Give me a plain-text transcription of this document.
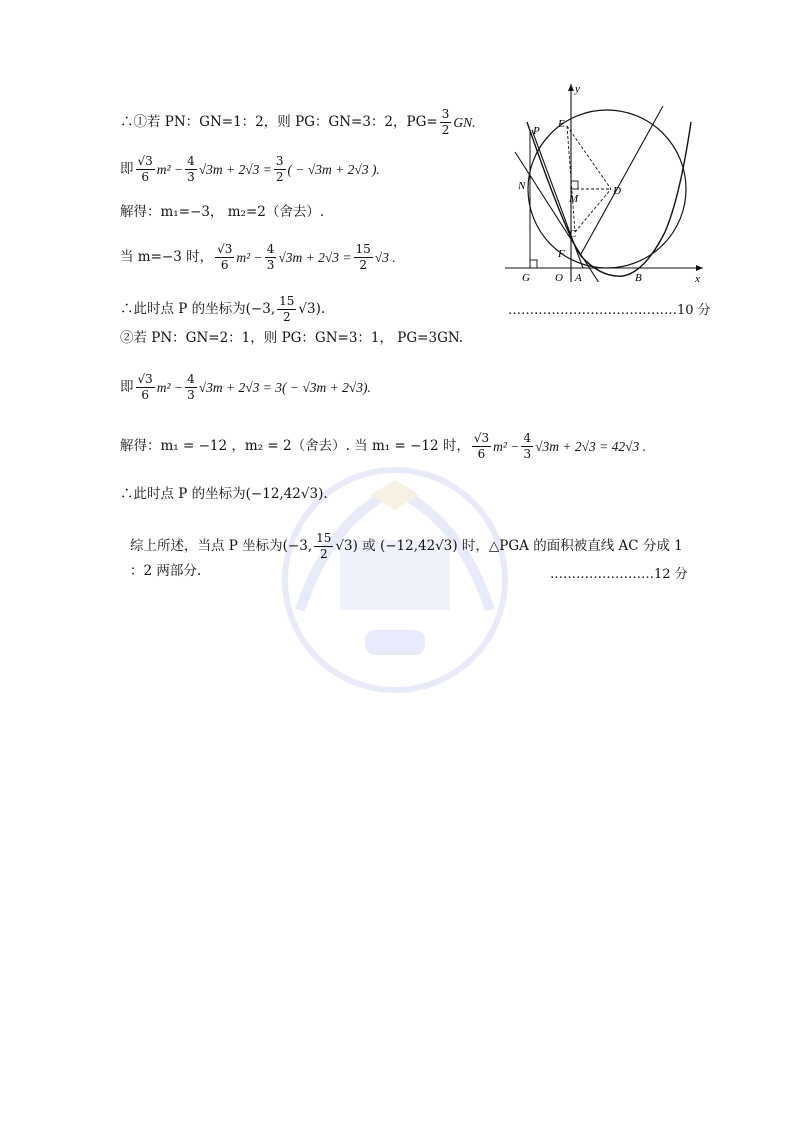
∴①若 PN：GN=1：2，则 PG：GN=3：2，$PG= \frac{3}{2}$ GN.
即 $\frac{√3}{6} m^2 - \frac{4}{3} √3m + 2√3 = \frac{3}{2}$ ( − √3m + 2√3 ).
解得：m₁=−3， m₂=2（舍去）.
当 m=−3 时， $\frac{√3}{6} m^2 - \frac{4}{3} √3m + 2√3 = \frac{15}{2} √3$ .
∴此时点 P 的坐标为(−3, $\frac{15}{2} √3$).	…………………………………10 分
②若 PN：GN=2：1，则 PG：GN=3：1， PG=3GN.
即 $\frac{√3}{6} m^2 - \frac{4}{3} √3m + 2√3 = 3( - √3m + 2√3)$.
解得：m₁ = −12 ，m₂ = 2（舍去）. 当 m₁ = −12 时， $\frac{√3}{6} m^2 - \frac{4}{3} √3m + 2√3 = 42√3$ .
∴此时点 P 的坐标为(−12,42√3).
综上所述，当点 P 坐标为(−3, $\frac{15}{2} √3$) 或 (−12,42√3) 时，△PGA 的面积被直线 AC 分成 1
：2 两部分.	……………………12 分
y
x
E
P
N
M
D
C
F
G O A	B
